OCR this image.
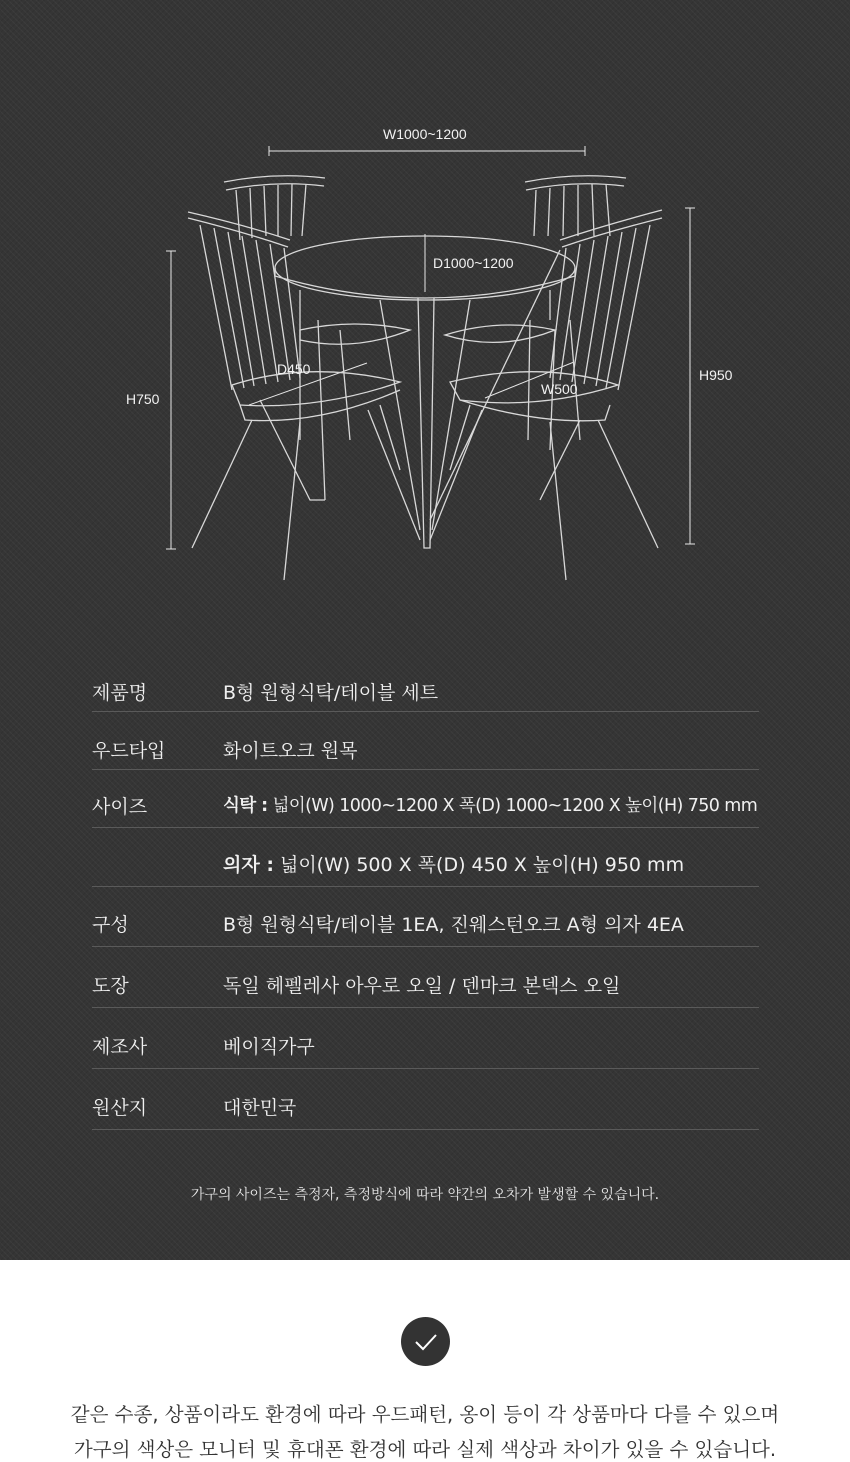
W1000~1200
D1000~1200
D450
W500
H750
H950
제품명	B형 원형식탁/테이블 세트
우드타입	화이트오크 원목
사이즈	식탁 : 넓이(W) 1000~1200 X 폭(D) 1000~1200 X 높이(H) 750 mm
의자 : 넓이(W) 500 X 폭(D) 450 X 높이(H) 950 mm
구성	B형 원형식탁/테이블 1EA, 진웨스턴오크 A형 의자 4EA
도장	독일 헤펠레사 아우로 오일 / 덴마크 본덱스 오일
제조사	베이직가구
원산지	대한민국
가구의 사이즈는 측정자, 측정방식에 따라 약간의 오차가 발생할 수 있습니다.
같은 수종, 상품이라도 환경에 따라 우드패턴, 옹이 등이 각 상품마다 다를 수 있으며
가구의 색상은 모니터 및 휴대폰 환경에 따라 실제 색상과 차이가 있을 수 있습니다.
